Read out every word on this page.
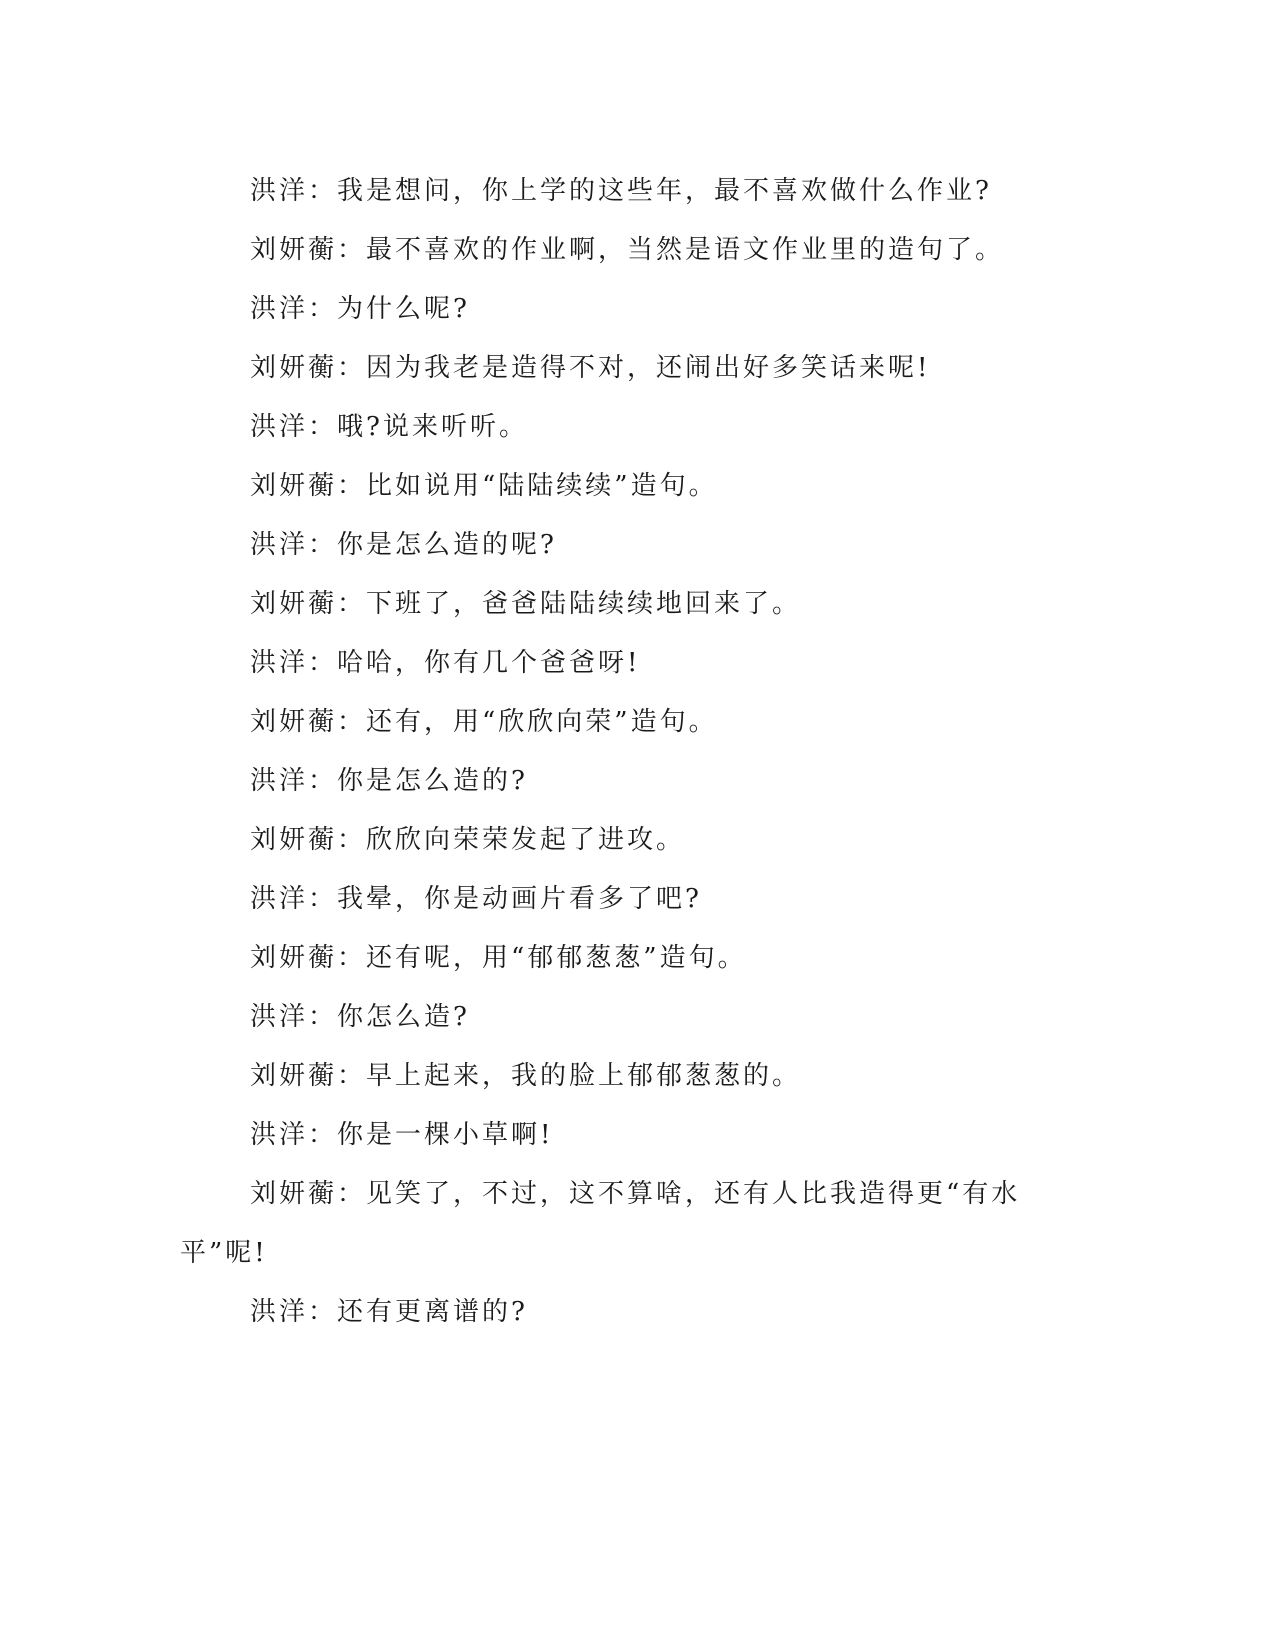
洪洋：我是想问，你上学的这些年，最不喜欢做什么作业?

刘妍蘅：最不喜欢的作业啊，当然是语文作业里的造句了。

洪洋：为什么呢?

刘妍蘅：因为我老是造得不对，还闹出好多笑话来呢!

洪洋：哦?说来听听。

刘妍蘅：比如说用“陆陆续续”造句。

洪洋：你是怎么造的呢?

刘妍蘅：下班了，爸爸陆陆续续地回来了。

洪洋：哈哈，你有几个爸爸呀!

刘妍蘅：还有，用“欣欣向荣”造句。

洪洋：你是怎么造的?

刘妍蘅：欣欣向荣荣发起了进攻。

洪洋：我晕，你是动画片看多了吧?

刘妍蘅：还有呢，用“郁郁葱葱”造句。

洪洋：你怎么造?

刘妍蘅：早上起来，我的脸上郁郁葱葱的。

洪洋：你是一棵小草啊!

刘妍蘅：见笑了，不过，这不算啥，还有人比我造得更“有水平”呢!

洪洋：还有更离谱的?
